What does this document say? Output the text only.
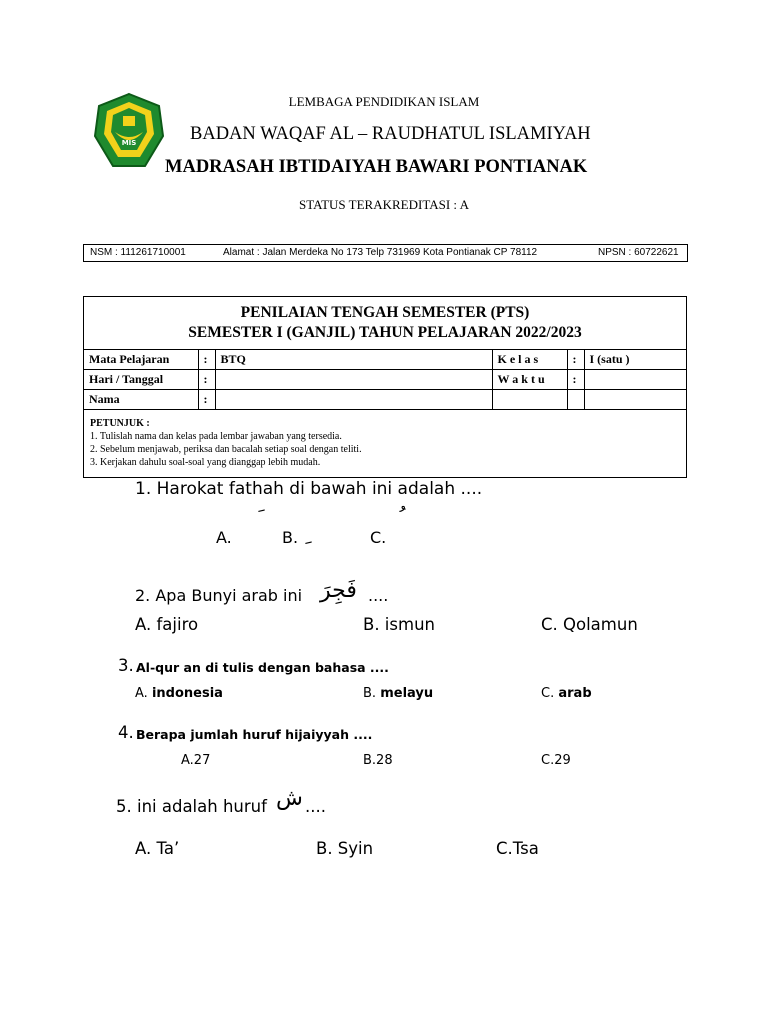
MIS
LEMBAGA PENDIDIKAN ISLAM
BADAN WAQAF AL – RAUDHATUL ISLAMIYAH
MADRASAH IBTIDAIYAH BAWARI PONTIANAK
STATUS TERAKREDITASI : A
NSM : 111261710001	Alamat : Jalan Merdeka No 173 Telp 731969 Kota Pontianak CP 78112	NPSN : 60722621
PENILAIAN TENGAH SEMESTER (PTS)
SEMESTER I (GANJIL) TAHUN PELAJARAN 2022/2023
Mata Pelajaran	:	BTQ	K e l a s	:	I (satu )
Hari / Tanggal	:		W a k t u	:	
Nama	:				
PETUNJUK :
1. Tulislah nama dan kelas pada lembar jawaban yang tersedia.
2. Sebelum menjawab, periksa dan bacalah setiap soal dengan teliti.
3. Kerjakan dahulu soal-soal yang dianggap lebih mudah.
1. Harokat fathah di bawah ini adalah ....
A.	B.	C.
2. Apa Bunyi arab ini فَجِرَ ....
A. fajiro	B. ismun	C. Qolamun
3. Al-qur an di tulis dengan bahasa ....
A. indonesia	B. melayu	C. arab
4. Berapa jumlah huruf hijaiyyah ....
A.27	B.28	C.29
5. ini adalah huruf ش ....
A. Ta’	B. Syin	C.Tsa
